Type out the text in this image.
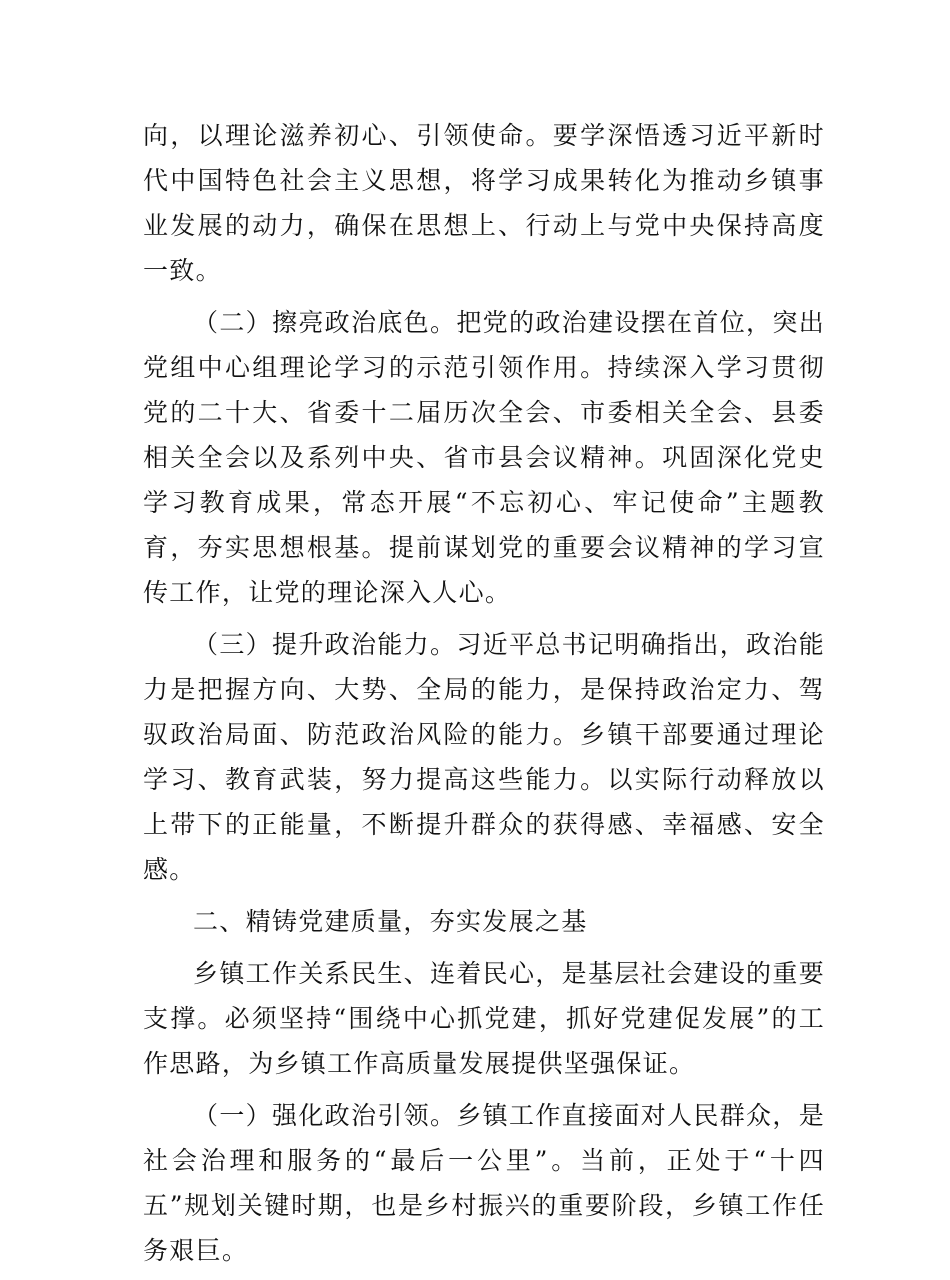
向，以理论滋养初心、引领使命。要学深悟透习近平新时代中国特色社会主义思想，将学习成果转化为推动乡镇事业发展的动力，确保在思想上、行动上与党中央保持高度一致。

（二）擦亮政治底色。把党的政治建设摆在首位，突出党组中心组理论学习的示范引领作用。持续深入学习贯彻党的二十大、省委十二届历次全会、市委相关全会、县委相关全会以及系列中央、省市县会议精神。巩固深化党史学习教育成果，常态开展“不忘初心、牢记使命”主题教育，夯实思想根基。提前谋划党的重要会议精神的学习宣传工作，让党的理论深入人心。

（三）提升政治能力。习近平总书记明确指出，政治能力是把握方向、大势、全局的能力，是保持政治定力、驾驭政治局面、防范政治风险的能力。乡镇干部要通过理论学习、教育武装，努力提高这些能力。以实际行动释放以上带下的正能量，不断提升群众的获得感、幸福感、安全感。

二、精铸党建质量，夯实发展之基

乡镇工作关系民生、连着民心，是基层社会建设的重要支撑。必须坚持“围绕中心抓党建，抓好党建促发展”的工作思路，为乡镇工作高质量发展提供坚强保证。

（一）强化政治引领。乡镇工作直接面对人民群众，是社会治理和服务的“最后一公里”。当前，正处于“十四五”规划关键时期，也是乡村振兴的重要阶段，乡镇工作任务艰巨。
